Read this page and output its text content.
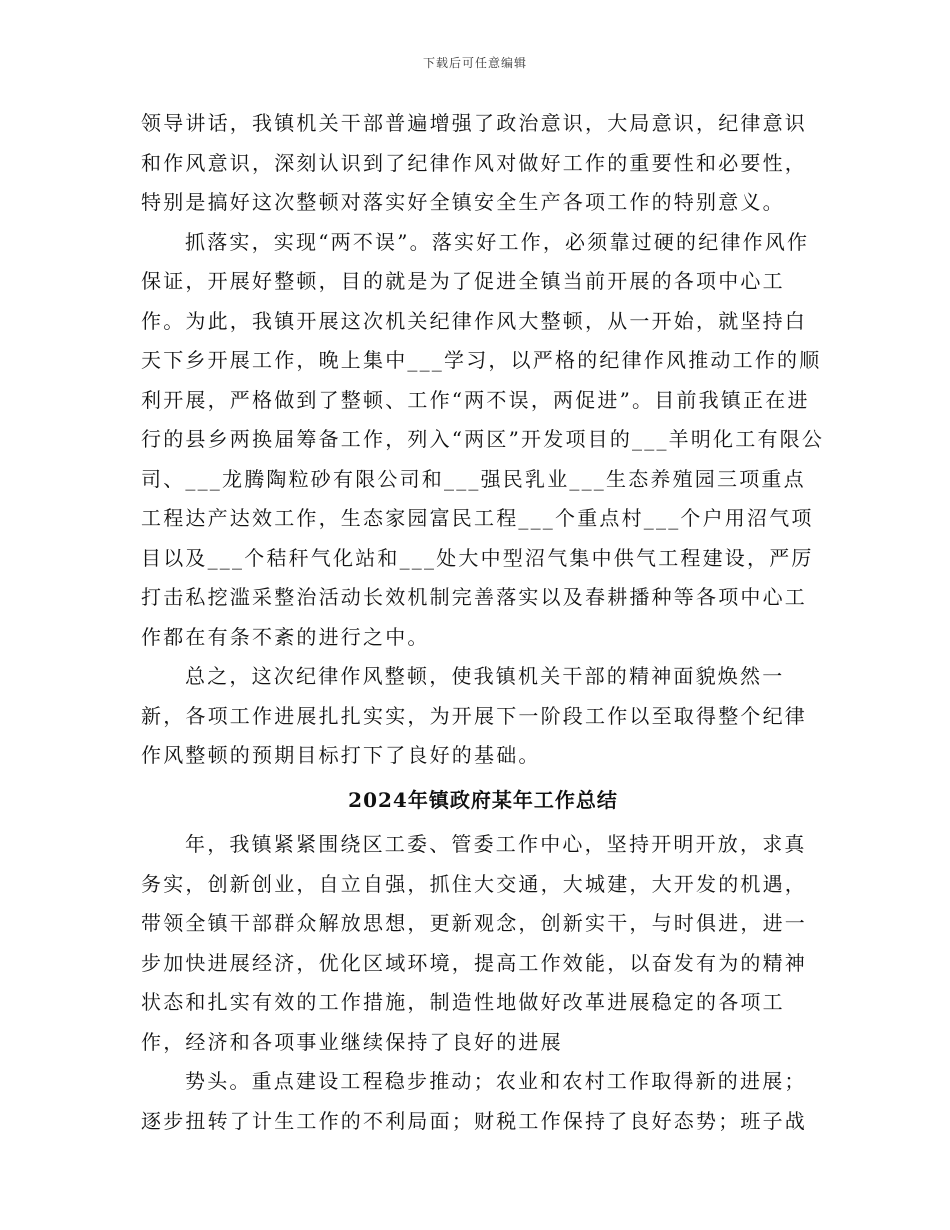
下载后可任意编辑

领导讲话，我镇机关干部普遍增强了政治意识，大局意识，纪律意识和作风意识，深刻认识到了纪律作风对做好工作的重要性和必要性，特别是搞好这次整顿对落实好全镇安全生产各项工作的特别意义。

抓落实，实现“两不误”。落实好工作，必须靠过硬的纪律作风作保证，开展好整顿，目的就是为了促进全镇当前开展的各项中心工作。为此，我镇开展这次机关纪律作风大整顿，从一开始，就坚持白天下乡开展工作，晚上集中___学习，以严格的纪律作风推动工作的顺利开展，严格做到了整顿、工作“两不误，两促进”。目前我镇正在进行的县乡两换届筹备工作，列入“两区”开发项目的___羊明化工有限公司、___龙腾陶粒砂有限公司和___强民乳业___生态养殖园三项重点工程达产达效工作，生态家园富民工程___个重点村___个户用沼气项目以及___个秸秆气化站和___处大中型沼气集中供气工程建设，严厉打击私挖滥采整治活动长效机制完善落实以及春耕播种等各项中心工作都在有条不紊的进行之中。

总之，这次纪律作风整顿，使我镇机关干部的精神面貌焕然一新，各项工作进展扎扎实实，为开展下一阶段工作以至取得整个纪律作风整顿的预期目标打下了良好的基础。

2024年镇政府某年工作总结

年，我镇紧紧围绕区工委、管委工作中心，坚持开明开放，求真务实，创新创业，自立自强，抓住大交通，大城建，大开发的机遇，带领全镇干部群众解放思想，更新观念，创新实干，与时俱进，进一步加快进展经济，优化区域环境，提高工作效能，以奋发有为的精神状态和扎实有效的工作措施，制造性地做好改革进展稳定的各项工作，经济和各项事业继续保持了良好的进展

势头。重点建设工程稳步推动；农业和农村工作取得新的进展；逐步扭转了计生工作的不利局面；财税工作保持了良好态势；班子战
